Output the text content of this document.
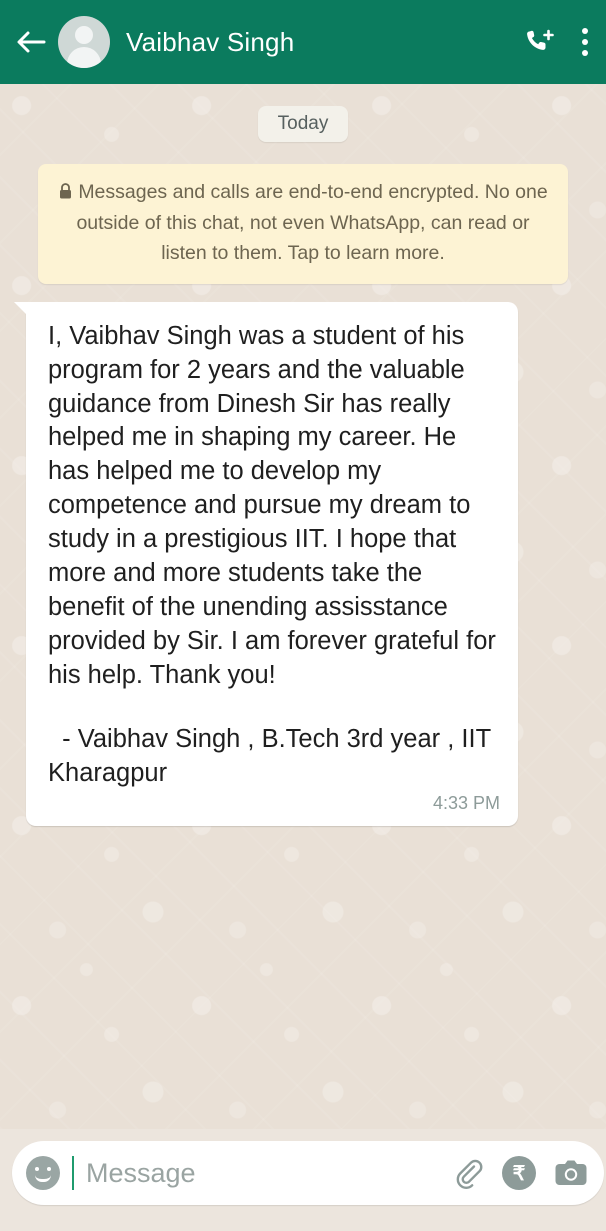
Vaibhav Singh
Today
Messages and calls are end-to-end encrypted. No one outside of this chat, not even WhatsApp, can read or listen to them. Tap to learn more.

I, Vaibhav Singh was a student of his program for 2 years and the valuable guidance from Dinesh Sir has really helped me in shaping my career. He has helped me to develop my competence and pursue my dream to study in a prestigious IIT. I hope that more and more students take the benefit of the unending assisstance provided by Sir. I am forever grateful for his help. Thank you!

- Vaibhav Singh , B.Tech 3rd year , IIT Kharagpur
4:33 PM
Message
₹
